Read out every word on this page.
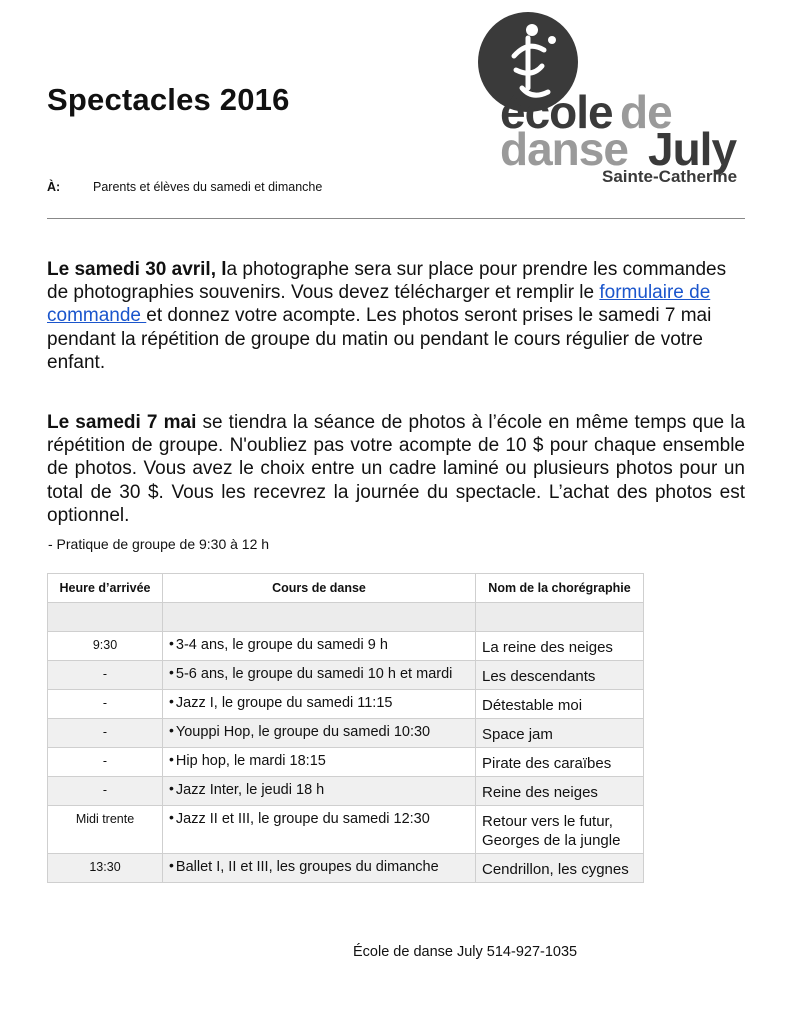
Spectacles 2016	école de
danse July
Sainte-Catherine
À:	Parents et élèves du samedi et dimanche

Le samedi 30 avril, la photographe sera sur place pour prendre les commandes de photographies souvenirs. Vous devez télécharger et remplir le formulaire de commande et donnez votre acompte. Les photos seront prises le samedi 7 mai pendant la répétition de groupe du matin ou pendant le cours régulier de votre enfant.

Le samedi 7 mai se tiendra la séance de photos à l’école en même temps que la répétition de groupe. N'oubliez pas votre acompte de 10 $ pour chaque ensemble de photos. Vous avez le choix entre un cadre laminé ou plusieurs photos pour un total de 30 $. Vous les recevrez la journée du spectacle. L’achat des photos est optionnel.

- Pratique de groupe de 9:30 à 12 h
Heure d’arrivée	Cours de danse	Nom de la chorégraphie

9:30	• 3-4 ans, le groupe du samedi 9 h	La reine des neiges
-	• 5-6 ans, le groupe du samedi 10 h et mardi	Les descendants
-	• Jazz I, le groupe du samedi 11:15	Détestable moi
-	• Youppi Hop, le groupe du samedi 10:30	Space jam
-	• Hip hop, le mardi 18:15	Pirate des caraïbes
-	• Jazz Inter, le jeudi 18 h	Reine des neiges
Midi trente	• Jazz II et III, le groupe du samedi 12:30	Retour vers le futur, Georges de la jungle
13:30	• Ballet I, II et III, les groupes du dimanche	Cendrillon, les cygnes
École de danse July 514-927-1035
